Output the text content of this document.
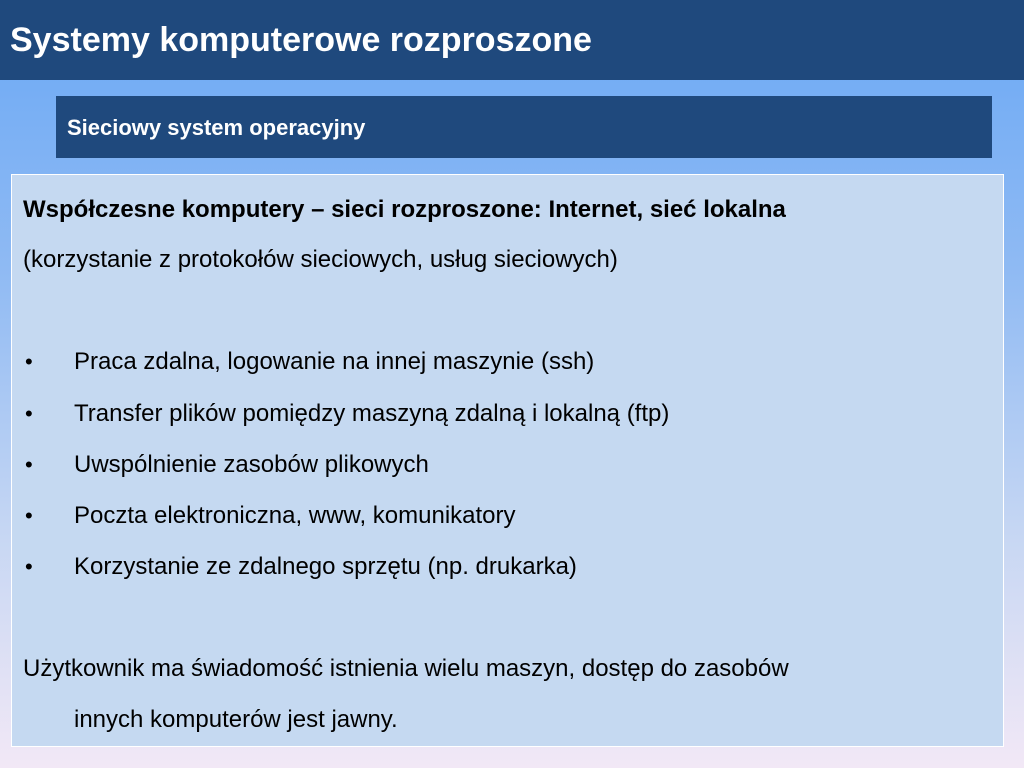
Systemy komputerowe rozproszone
Sieciowy system operacyjny
Współczesne komputery – sieci rozproszone: Internet, sieć lokalna
(korzystanie z protokołów sieciowych, usług sieciowych)
• Praca zdalna, logowanie na innej maszynie (ssh)
• Transfer plików pomiędzy maszyną zdalną i lokalną (ftp)
• Uwspólnienie zasobów plikowych
• Poczta elektroniczna, www, komunikatory
• Korzystanie ze zdalnego sprzętu (np. drukarka)
Użytkownik ma świadomość istnienia wielu maszyn, dostęp do zasobów
innych komputerów jest jawny.
